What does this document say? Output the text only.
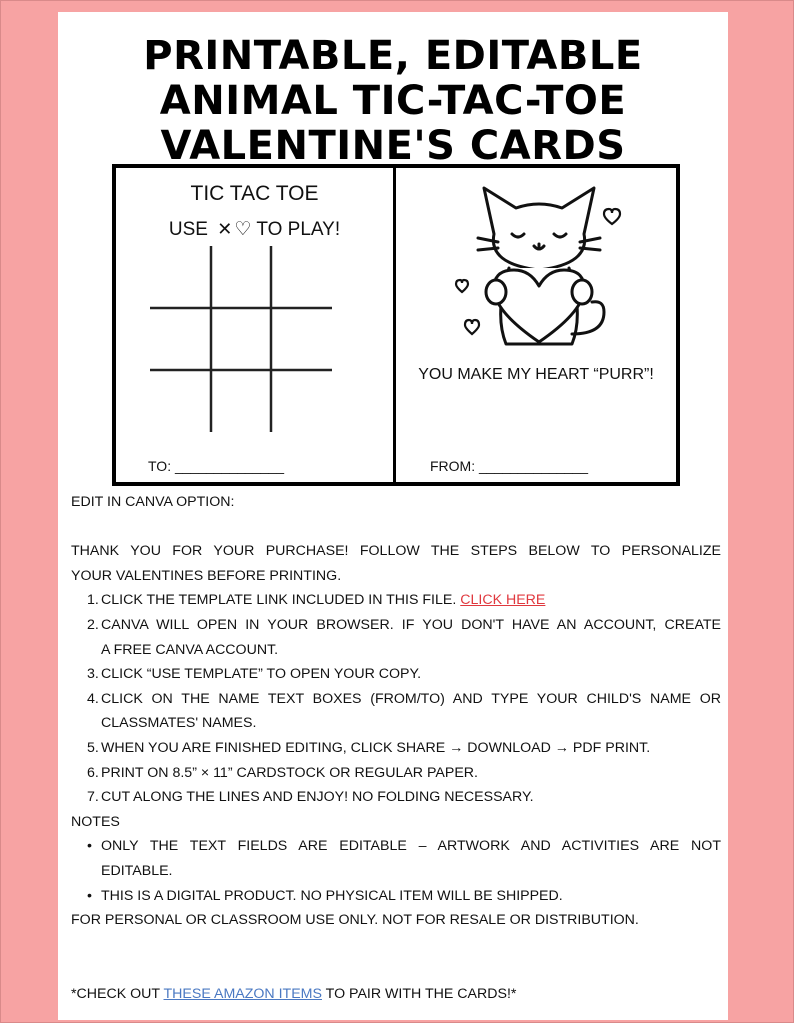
PRINTABLE, EDITABLE
ANIMAL TIC-TAC-TOE
VALENTINE'S CARDS
TIC TAC TOE
USE ✕ ♡ TO PLAY!
TO: ______________
YOU MAKE MY HEART “PURR”!
FROM: ______________
EDIT IN CANVA OPTION:
THANK YOU FOR YOUR PURCHASE! FOLLOW THE STEPS BELOW TO PERSONALIZE
YOUR VALENTINES BEFORE PRINTING.
1. CLICK THE TEMPLATE LINK INCLUDED IN THIS FILE. CLICK HERE
2. CANVA WILL OPEN IN YOUR BROWSER. IF YOU DON'T HAVE AN ACCOUNT, CREATE
A FREE CANVA ACCOUNT.
3. CLICK “USE TEMPLATE” TO OPEN YOUR COPY.
4. CLICK ON THE NAME TEXT BOXES (FROM/TO) AND TYPE YOUR CHILD'S NAME OR
CLASSMATES' NAMES.
5. WHEN YOU ARE FINISHED EDITING, CLICK SHARE → DOWNLOAD → PDF PRINT.
6. PRINT ON 8.5” × 11” CARDSTOCK OR REGULAR PAPER.
7. CUT ALONG THE LINES AND ENJOY! NO FOLDING NECESSARY.
NOTES
• ONLY THE TEXT FIELDS ARE EDITABLE – ARTWORK AND ACTIVITIES ARE NOT
EDITABLE.
• THIS IS A DIGITAL PRODUCT. NO PHYSICAL ITEM WILL BE SHIPPED.
FOR PERSONAL OR CLASSROOM USE ONLY. NOT FOR RESALE OR DISTRIBUTION.
*CHECK OUT THESE AMAZON ITEMS TO PAIR WITH THE CARDS!*
